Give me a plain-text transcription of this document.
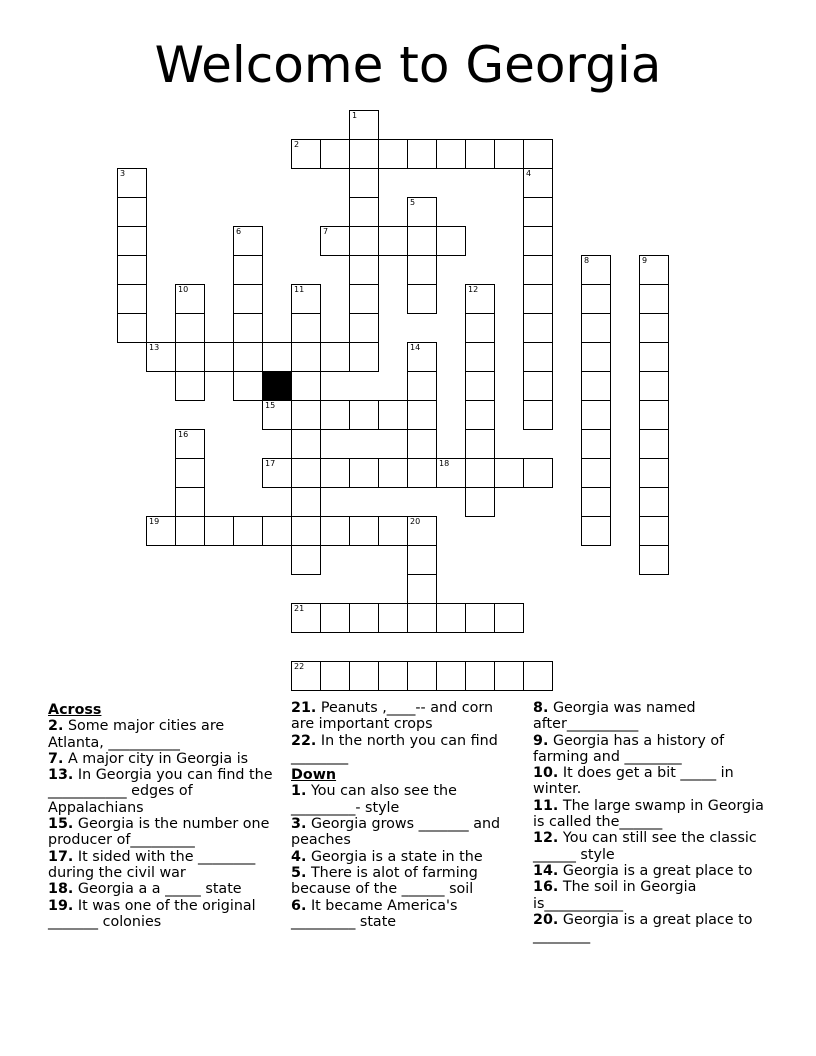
Welcome to Georgia
2
7
13
15
17	18
19	20
21
22
1
3	4
5
6
8	9
10	11	12
14
16
Across
2. Some major cities are Atlanta, __________
7. A major city in Georgia is
13. In Georgia you can find the ___________ edges of Appalachians
15. Georgia is the number one producer of_________
17. It sided with the ________ during the civil war
18. Georgia a a _____ state
19. It was one of the original _______ colonies
21. Peanuts ,____-- and corn are important crops
22. In the north you can find ________
Down
1. You can also see the _________- style
3. Georgia grows _______ and peaches
4. Georgia is a state in the
5. There is alot of farming because of the ______ soil
6. It became America's _________ state
8. Georgia was named after__________
9. Georgia has a history of farming and ________
10. It does get a bit _____ in winter.
11. The large swamp in Georgia is called the______
12. You can still see the classic ______ style
14. Georgia is a great place to
16. The soil in Georgia is___________
20. Georgia is a great place to ________
